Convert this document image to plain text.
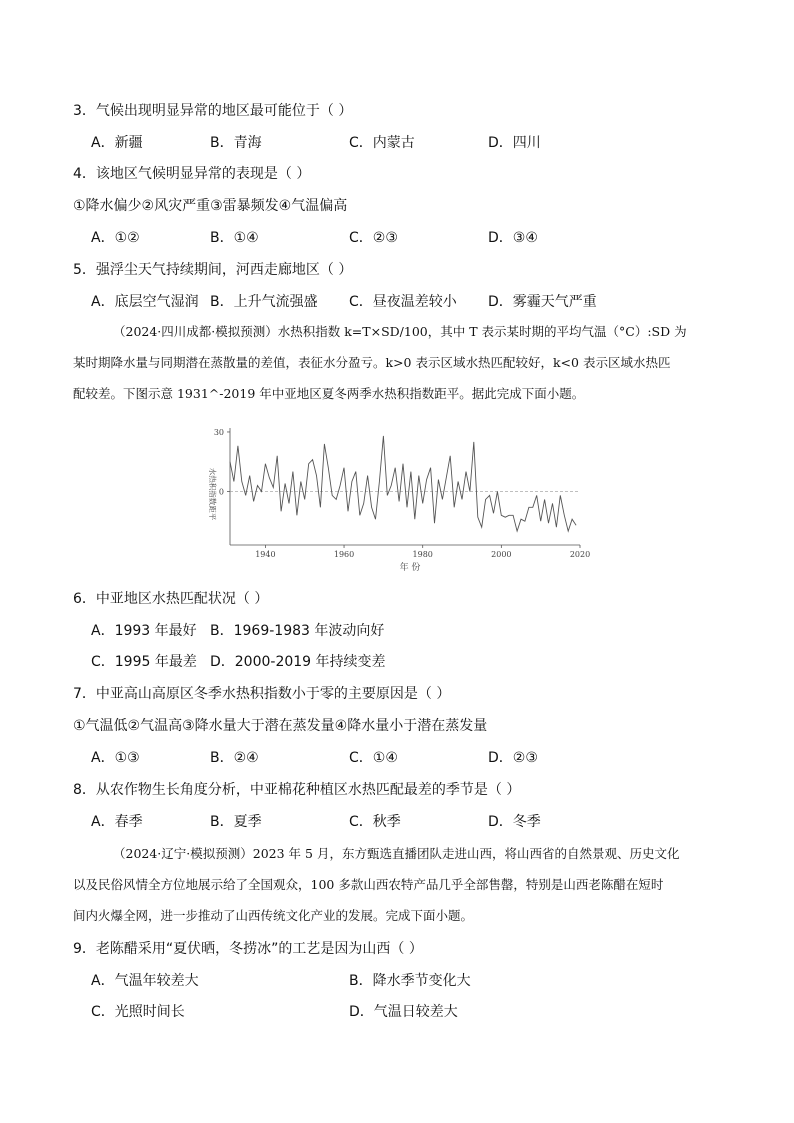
3．气候出现明显异常的地区最可能位于（ ）
A．新疆	B．青海	C．内蒙古	D．四川
4．该地区气候明显异常的表现是（ ）
①降水偏少②风灾严重③雷暴频发④气温偏高
A．①②	B．①④	C．②③	D．③④
5．强浮尘天气持续期间，河西走廊地区（ ）
A．底层空气湿润 B．上升气流强盛 C．昼夜温差较小 D．雾霾天气严重
（2024·四川成都·模拟预测）水热积指数 k=T×SD/100，其中 T 表示某时期的平均气温（°C）:SD 为
某时期降水量与同期潜在蒸散量的差值，表征水分盈亏。k>0 表示区域水热匹配较好，k<0 表示区域水热匹
配较差。下图示意 1931^-2019 年中亚地区夏冬两季水热积指数距平。据此完成下面小题。
水热积指数距平
年 份
30
0
1940	1960	1980	2000	2020
6．中亚地区水热匹配状况（ ）
A．1993 年最好 B．1969-1983 年波动向好
C．1995 年最差 D．2000-2019 年持续变差
7．中亚高山高原区冬季水热积指数小于零的主要原因是（ ）
①气温低②气温高③降水量大于潜在蒸发量④降水量小于潜在蒸发量
A．①③	B．②④	C．①④	D．②③
8．从农作物生长角度分析，中亚棉花种植区水热匹配最差的季节是（ ）
A．春季	B．夏季	C．秋季	D．冬季
（2024·辽宁·模拟预测）2023 年 5 月，东方甄选直播团队走进山西，将山西省的自然景观、历史文化
以及民俗风情全方位地展示给了全国观众，100 多款山西农特产品几乎全部售罄，特别是山西老陈醋在短时
间内火爆全网，进一步推动了山西传统文化产业的发展。完成下面小题。
9．老陈醋采用“夏伏晒，冬捞冰”的工艺是因为山西（ ）
A．气温年较差大	B．降水季节变化大
C．光照时间长	D．气温日较差大
